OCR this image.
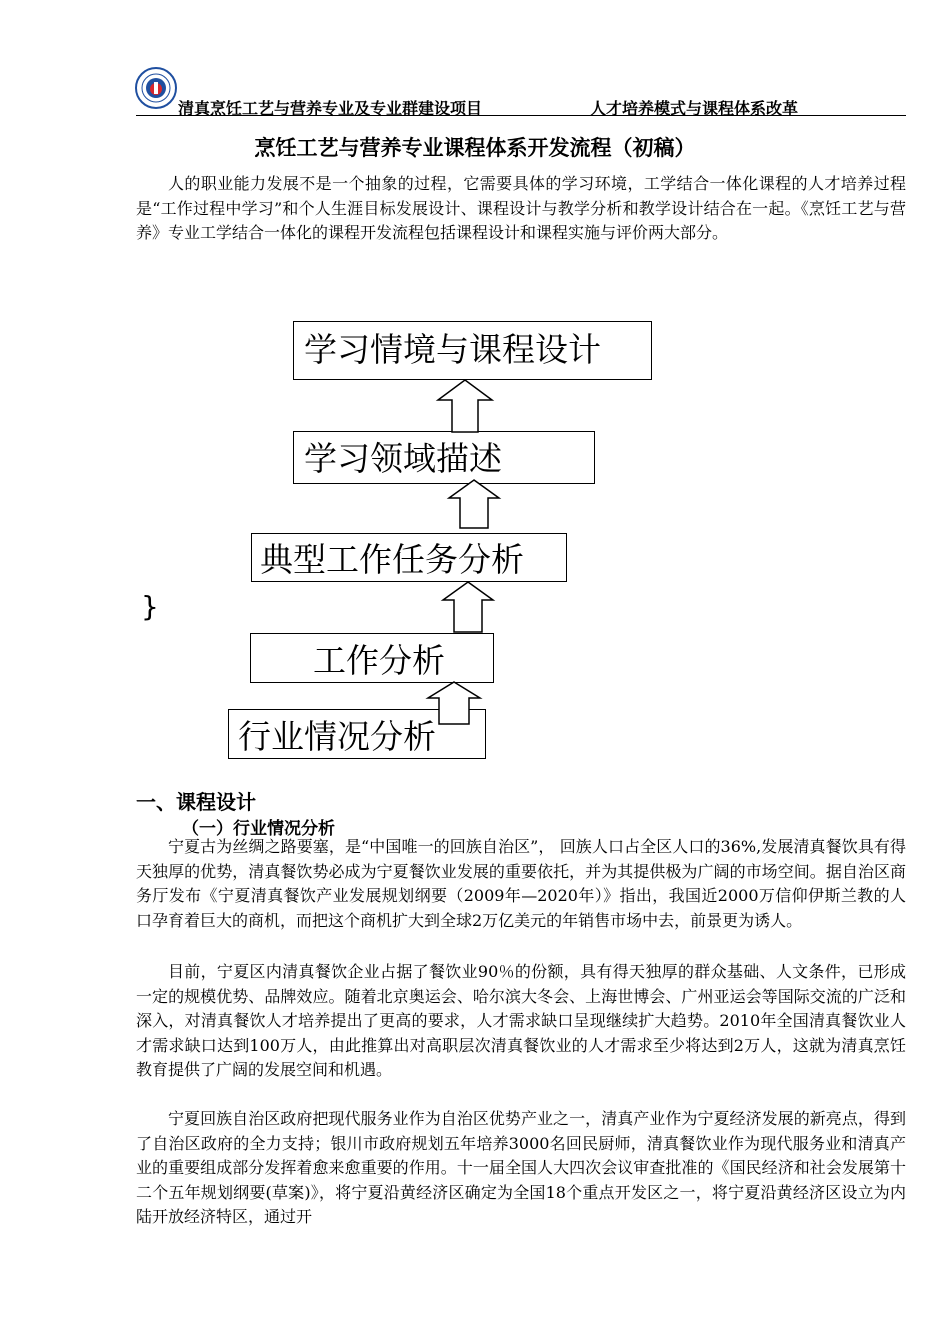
清真烹饪工艺与营养专业及专业群建设项目	人才培养模式与课程体系改革
烹饪工艺与营养专业课程体系开发流程（初稿）

人的职业能力发展不是一个抽象的过程，它需要具体的学习环境，工学结合一体化课程的人才培养过程是“工作过程中学习”和个人生涯目标发展设计、课程设计与教学分析和教学设计结合在一起。《烹饪工艺与营养》专业工学结合一体化的课程开发流程包括课程设计和课程实施与评价两大部分。

学习情境与课程设计
学习领域描述
典型工作任务分析
工作分析
行业情况分析
}
一、课程设计
（一）行业情况分析

宁夏古为丝绸之路要塞，是“中国唯一的回族自治区”， 回族人口占全区人口的36%,发展清真餐饮具有得天独厚的优势，清真餐饮势必成为宁夏餐饮业发展的重要依托，并为其提供极为广阔的市场空间。据自治区商务厅发布《宁夏清真餐饮产业发展规划纲要（2009年—2020年）》指出，我国近2000万信仰伊斯兰教的人口孕育着巨大的商机，而把这个商机扩大到全球2万亿美元的年销售市场中去，前景更为诱人。

目前，宁夏区内清真餐饮企业占据了餐饮业90％的份额，具有得天独厚的群众基础、人文条件，已形成一定的规模优势、品牌效应。随着北京奥运会、哈尔滨大冬会、上海世博会、广州亚运会等国际交流的广泛和深入，对清真餐饮人才培养提出了更高的要求，人才需求缺口呈现继续扩大趋势。2010年全国清真餐饮业人才需求缺口达到100万人，由此推算出对高职层次清真餐饮业的人才需求至少将达到2万人，这就为清真烹饪教育提供了广阔的发展空间和机遇。

宁夏回族自治区政府把现代服务业作为自治区优势产业之一，清真产业作为宁夏经济发展的新亮点，得到了自治区政府的全力支持；银川市政府规划五年培养3000名回民厨师，清真餐饮业作为现代服务业和清真产业的重要组成部分发挥着愈来愈重要的作用。十一届全国人大四次会议审查批准的《国民经济和社会发展第十二个五年规划纲要(草案)》，将宁夏沿黄经济区确定为全国18个重点开发区之一，将宁夏沿黄经济区设立为内陆开放经济特区，通过开
